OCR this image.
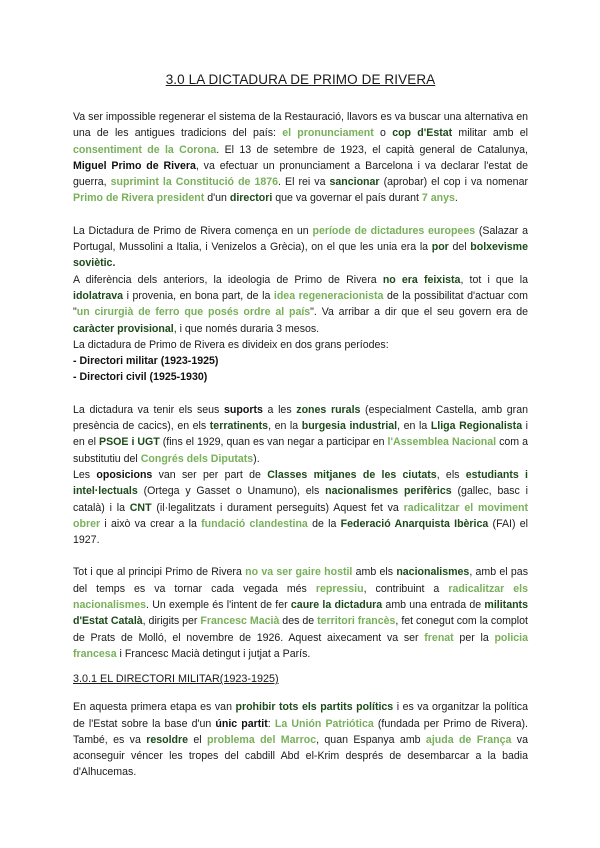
3.0 LA DICTADURA DE PRIMO DE RIVERA

Va ser impossible regenerar el sistema de la Restauració, llavors es va buscar una alternativa en una de les antigues tradicions del país: el pronunciament o cop d'Estat militar amb el consentiment de la Corona. El 13 de setembre de 1923, el capità general de Catalunya, Miguel Primo de Rivera, va efectuar un pronunciament a Barcelona i va declarar l'estat de guerra, suprimint la Constitució de 1876. El rei va sancionar (aprobar) el cop i va nomenar Primo de Rivera president d'un directori que va governar el país durant 7 anys.

La Dictadura de Primo de Rivera comença en un període de dictadures europees (Salazar a Portugal, Mussolini a Italia, i Venizelos a Grècia), on el que les unia era la por del bolxevisme soviètic.

A diferència dels anteriors, la ideologia de Primo de Rivera no era feixista, tot i que la idolatrava i provenia, en bona part, de la idea regeneracionista de la possibilitat d'actuar com "un cirurgià de ferro que posés ordre al país". Va arribar a dir que el seu govern era de caràcter provisional, i que només duraria 3 mesos.

La dictadura de Primo de Rivera es divideix en dos grans períodes:

- Directori militar (1923-1925)

- Directori civil (1925-1930)

La dictadura va tenir els seus suports a les zones rurals (especialment Castella, amb gran presència de cacics), en els terratinents, en la burgesia industrial, en la Lliga Regionalista i en el PSOE i UGT (fins el 1929, quan es van negar a participar en l'Assemblea Nacional com a substitutiu del Congrés dels Diputats).

Les oposicions van ser per part de Classes mitjanes de les ciutats, els estudiants i intel·lectuals (Ortega y Gasset o Unamuno), els nacionalismes perifèrics (gallec, basc i català) i la CNT (il·legalitzats i durament perseguits) Aquest fet va radicalitzar el moviment obrer i això va crear a la fundació clandestina de la Federació Anarquista Ibèrica (FAI) el 1927.

Tot i que al principi Primo de Rivera no va ser gaire hostil amb els nacionalismes, amb el pas del temps es va tornar cada vegada més repressiu, contribuint a radicalitzar els nacionalismes. Un exemple és l'intent de fer caure la dictadura amb una entrada de militants d'Estat Català, dirigits per Francesc Macià des de territori francès, fet conegut com la complot de Prats de Molló, el novembre de 1926. Aquest aixecament va ser frenat per la policia francesa i Francesc Macià detingut i jutjat a París.

3.0.1 EL DIRECTORI MILITAR(1923-1925)

En aquesta primera etapa es van prohibir tots els partits polítics i es va organitzar la política de l'Estat sobre la base d'un únic partit: La Unión Patriótica (fundada per Primo de Rivera). També, es va resoldre el problema del Marroc, quan Espanya amb ajuda de França va aconseguir véncer les tropes del cabdill Abd el-Krim després de desembarcar a la badia d'Alhucemas.
